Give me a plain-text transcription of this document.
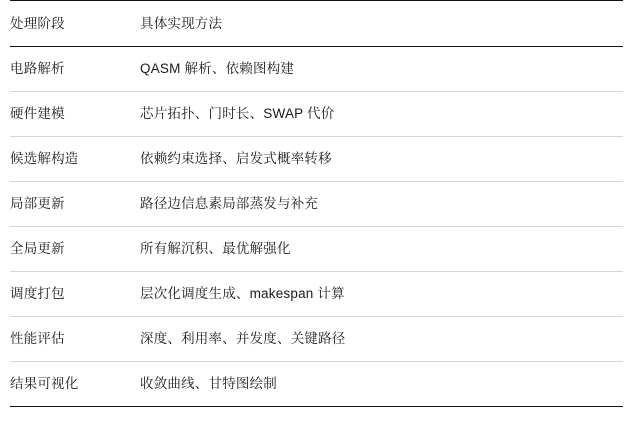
处理阶段	具体实现方法
电路解析	QASM 解析、依赖图构建
硬件建模	芯片拓扑、门时长、SWAP 代价
候选解构造	依赖约束选择、启发式概率转移
局部更新	路径边信息素局部蒸发与补充
全局更新	所有解沉积、最优解强化
调度打包	层次化调度生成、makespan 计算
性能评估	深度、利用率、并发度、关键路径
结果可视化	收敛曲线、甘特图绘制
